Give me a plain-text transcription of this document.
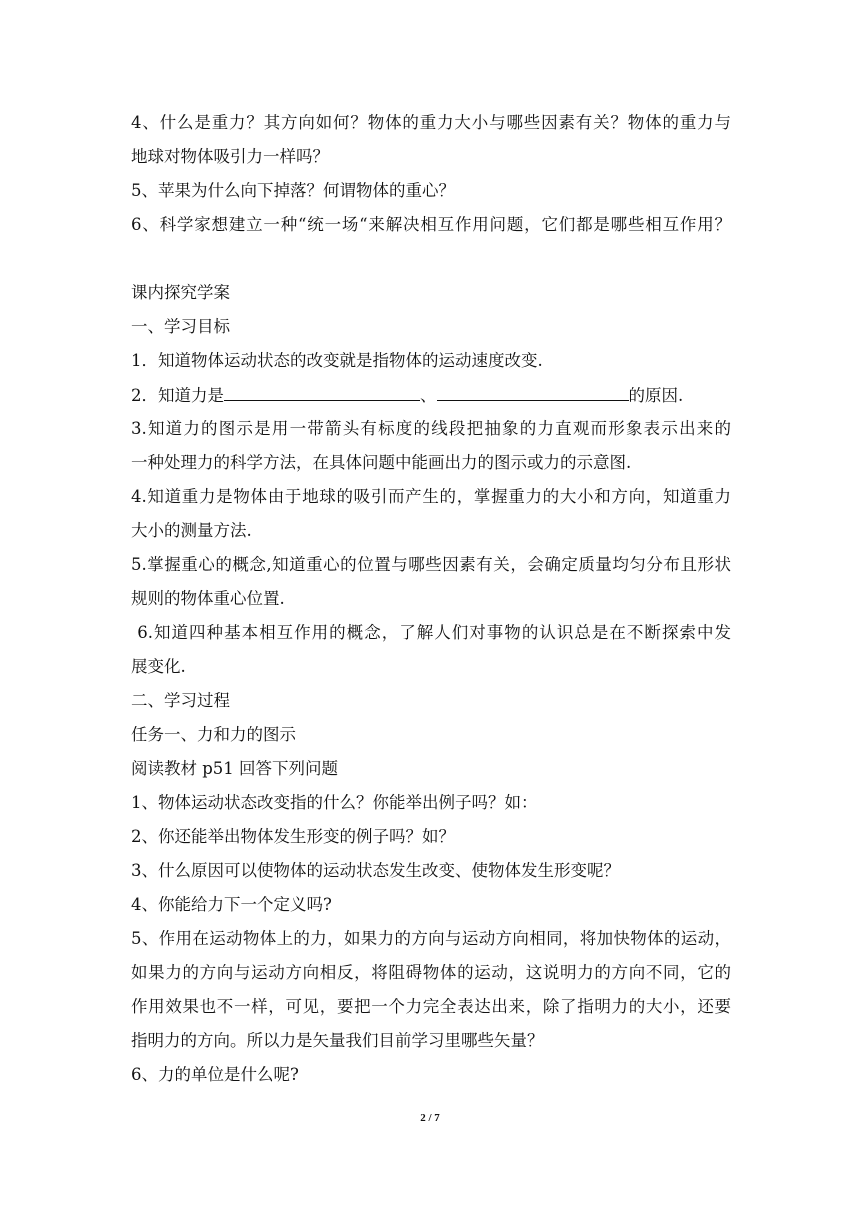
4、什么是重力？其方向如何？物体的重力大小与哪些因素有关？物体的重力与
地球对物体吸引力一样吗？
5、苹果为什么向下掉落？何谓物体的重心？
6、科学家想建立一种“统一场“来解决相互作用问题，它们都是哪些相互作用？
课内探究学案
一、学习目标
1．知道物体运动状态的改变就是指物体的运动速度改变.
2．知道力是	、	的原因.
3.知道力的图示是用一带箭头有标度的线段把抽象的力直观而形象表示出来的
一种处理力的科学方法，在具体问题中能画出力的图示或力的示意图.
4.知道重力是物体由于地球的吸引而产生的，掌握重力的大小和方向，知道重力
大小的测量方法.
5.掌握重心的概念,知道重心的位置与哪些因素有关，会确定质量均匀分布且形状
规则的物体重心位置.
6.知道四种基本相互作用的概念，了解人们对事物的认识总是在不断探索中发
展变化.
二、学习过程
任务一、力和力的图示
阅读教材 p51 回答下列问题
1、物体运动状态改变指的什么？你能举出例子吗？如：
2、你还能举出物体发生形变的例子吗？如？
3、什么原因可以使物体的运动状态发生改变、使物体发生形变呢？
4、你能给力下一个定义吗?
5、作用在运动物体上的力，如果力的方向与运动方向相同，将加快物体的运动，
如果力的方向与运动方向相反，将阻碍物体的运动，这说明力的方向不同，它的
作用效果也不一样，可见，要把一个力完全表达出来，除了指明力的大小，还要
指明力的方向。所以力是矢量我们目前学习里哪些矢量？
6、力的单位是什么呢?
2 / 7
